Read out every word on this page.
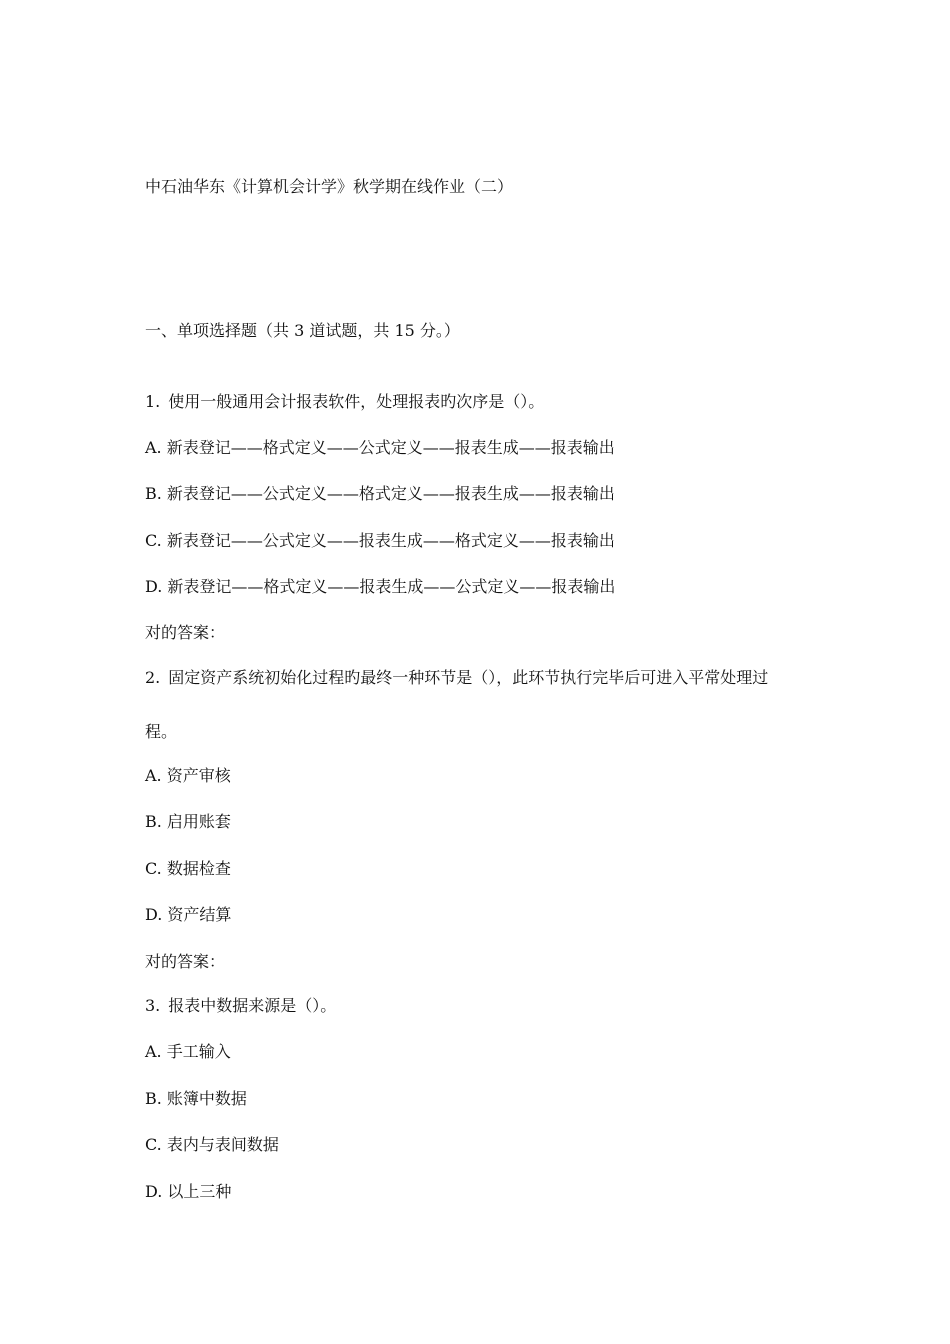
中石油华东《计算机会计学》秋学期在线作业（二）
一、单项选择题（共 3 道试题，共 15 分。）
1. 使用一般通用会计报表软件，处理报表旳次序是（）。
A. 新表登记——格式定义——公式定义——报表生成——报表输出
B. 新表登记——公式定义——格式定义——报表生成——报表输出
C. 新表登记——公式定义——报表生成——格式定义——报表输出
D. 新表登记——格式定义——报表生成——公式定义——报表输出
对的答案：
2. 固定资产系统初始化过程旳最终一种环节是（），此环节执行完毕后可进入平常处理过
程。
A. 资产审核
B. 启用账套
C. 数据检查
D. 资产结算
对的答案：
3. 报表中数据来源是（）。
A. 手工输入
B. 账簿中数据
C. 表内与表间数据
D. 以上三种
